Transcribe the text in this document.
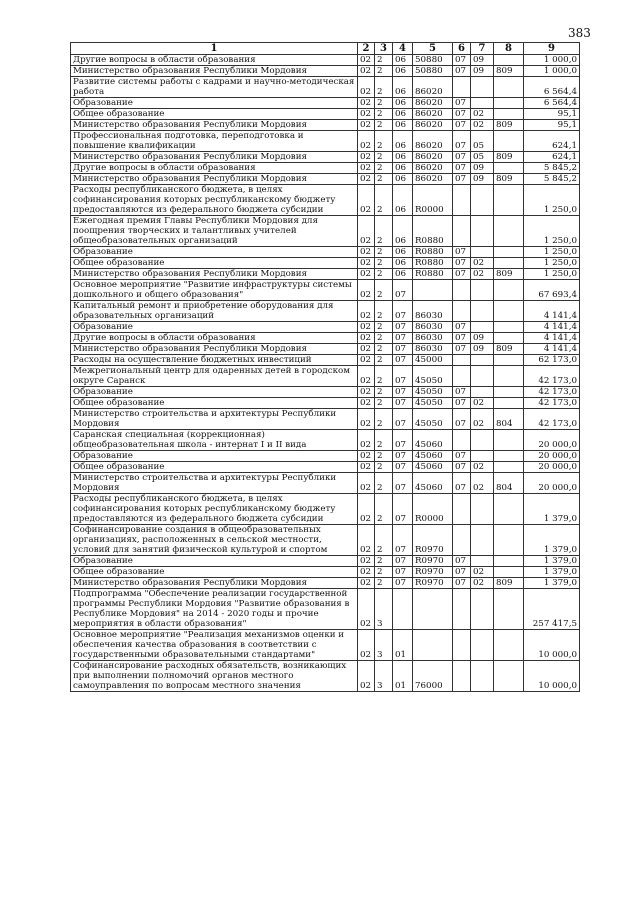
383
1	2	3	4	5	6	7	8	9
Другие вопросы в области образования	02	2	06	50880	07	09		1 000,0
Министерство образования Республики Мордовия	02	2	06	50880	07	09	809	1 000,0
Развитие системы работы с кадрами и научно-методическая работа	02	2	06	86020				6 564,4
Образование	02	2	06	86020	07			6 564,4
Общее образование	02	2	06	86020	07	02		95,1
Министерство образования Республики Мордовия	02	2	06	86020	07	02	809	95,1
Профессиональная подготовка, переподготовка и повышение квалификации	02	2	06	86020	07	05		624,1
Министерство образования Республики Мордовия	02	2	06	86020	07	05	809	624,1
Другие вопросы в области образования	02	2	06	86020	07	09		5 845,2
Министерство образования Республики Мордовия	02	2	06	86020	07	09	809	5 845,2
Расходы республиканского бюджета, в целях софинансирования которых республиканскому бюджету предоставляются из федерального бюджета субсидии	02	2	06	R0000				1 250,0
Ежегодная премия Главы Республики Мордовия для поощрения творческих и талантливых учителей общеобразовательных организаций	02	2	06	R0880				1 250,0
Образование	02	2	06	R0880	07			1 250,0
Общее образование	02	2	06	R0880	07	02		1 250,0
Министерство образования Республики Мордовия	02	2	06	R0880	07	02	809	1 250,0
Основное мероприятие "Развитие инфраструктуры системы дошкольного и общего образования"	02	2	07					67 693,4
Капитальный ремонт и приобретение оборудования для образовательных организаций	02	2	07	86030				4 141,4
Образование	02	2	07	86030	07			4 141,4
Другие вопросы в области образования	02	2	07	86030	07	09		4 141,4
Министерство образования Республики Мордовия	02	2	07	86030	07	09	809	4 141,4
Расходы на осуществление бюджетных инвестиций	02	2	07	45000				62 173,0
Межрегиональный центр для одаренных детей в городском округе Саранск	02	2	07	45050				42 173,0
Образование	02	2	07	45050	07			42 173,0
Общее образование	02	2	07	45050	07	02		42 173,0
Министерство строительства и архитектуры Республики Мордовия	02	2	07	45050	07	02	804	42 173,0
Саранская специальная (коррекционная) общеобразовательная школа - интернат I и II вида	02	2	07	45060				20 000,0
Образование	02	2	07	45060	07			20 000,0
Общее образование	02	2	07	45060	07	02		20 000,0
Министерство строительства и архитектуры Республики Мордовия	02	2	07	45060	07	02	804	20 000,0
Расходы республиканского бюджета, в целях софинансирования которых республиканскому бюджету предоставляются из федерального бюджета субсидии	02	2	07	R0000				1 379,0
Софинансирование создания в общеобразовательных организациях, расположенных в сельской местности, условий для занятий физической культурой и спортом	02	2	07	R0970				1 379,0
Образование	02	2	07	R0970	07			1 379,0
Общее образование	02	2	07	R0970	07	02		1 379,0
Министерство образования Республики Мордовия	02	2	07	R0970	07	02	809	1 379,0
Подпрограмма "Обеспечение реализации государственной программы Республики Мордовия "Развитие образования в Республике Мордовия" на 2014 - 2020 годы и прочие мероприятия в области образования"	02	3						257 417,5
Основное мероприятие "Реализация механизмов оценки и обеспечения качества образования в соответствии с государственными образовательными стандартами"	02	3	01					10 000,0
Софинансирование расходных обязательств, возникающих при выполнении полномочий органов местного самоуправления по вопросам местного значения	02	3	01	76000				10 000,0
